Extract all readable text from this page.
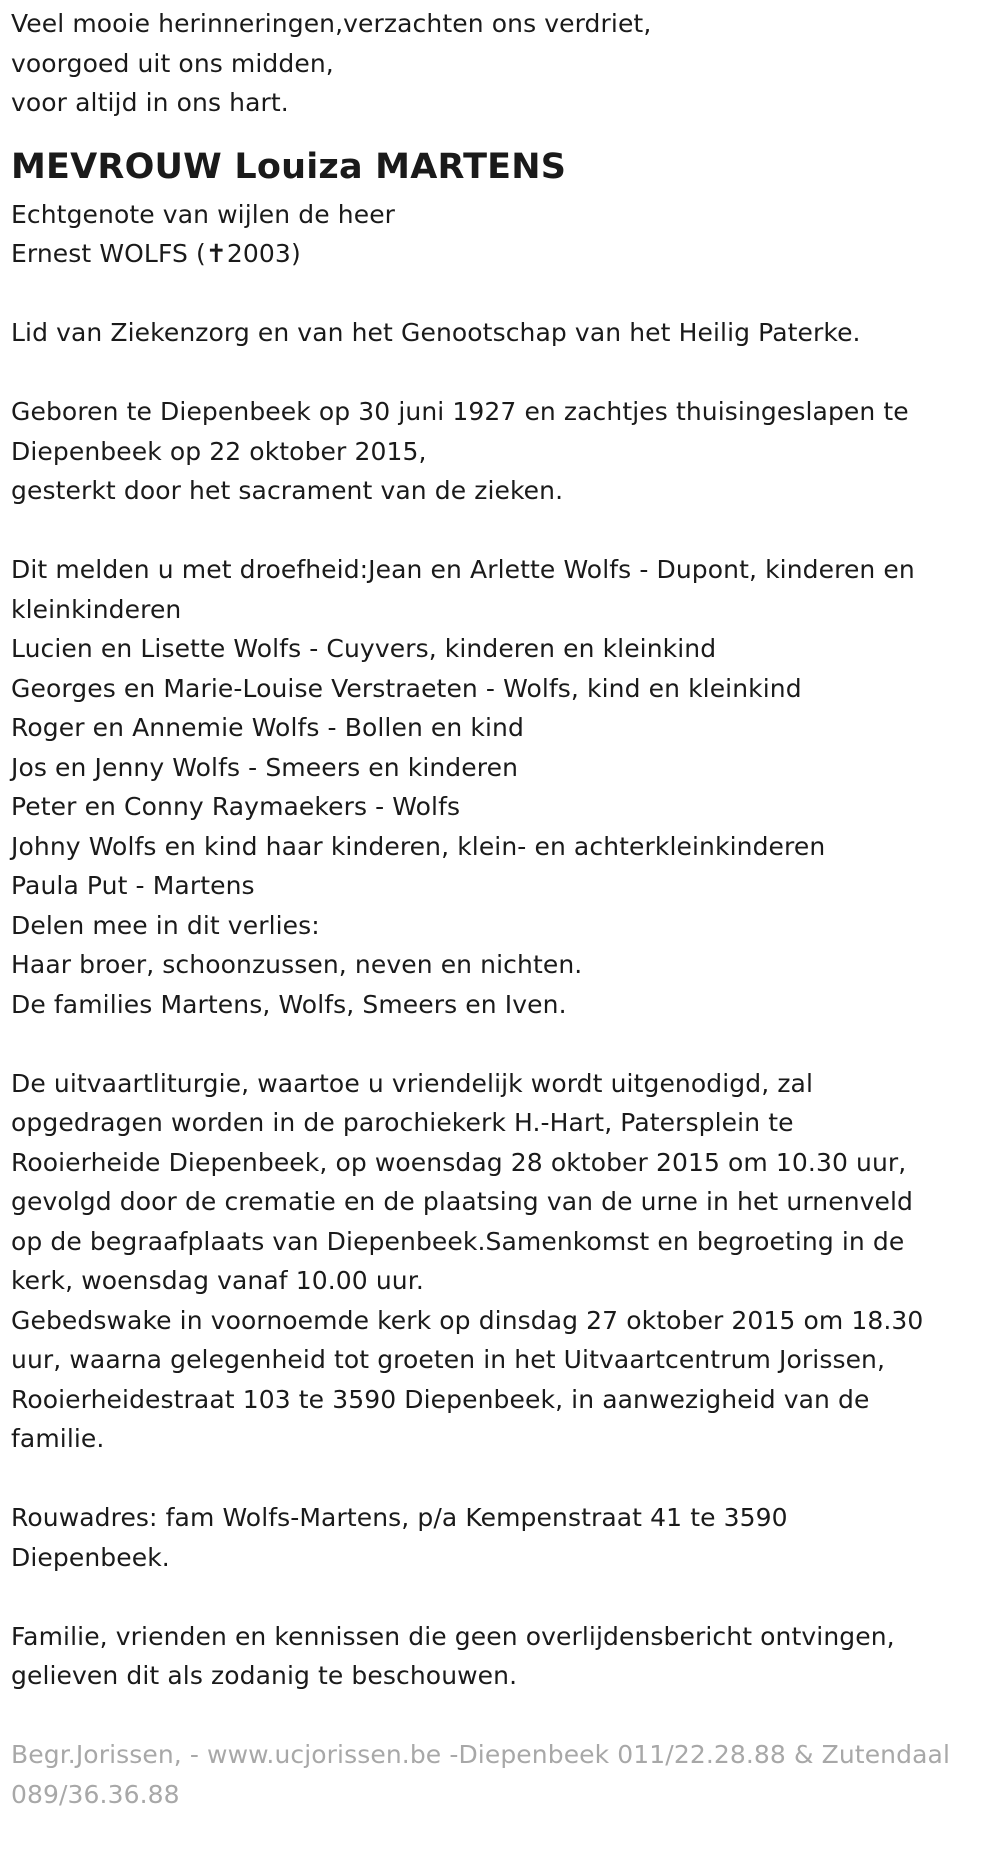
Veel mooie herinneringen,verzachten ons verdriet,
voorgoed uit ons midden,
voor altijd in ons hart.
MEVROUW Louiza MARTENS
Echtgenote van wijlen de heer
Ernest WOLFS (✝2003)
Lid van Ziekenzorg en van het Genootschap van het Heilig Paterke.
Geboren te Diepenbeek op 30 juni 1927 en zachtjes thuisingeslapen te
Diepenbeek op 22 oktober 2015,
gesterkt door het sacrament van de zieken.
Dit melden u met droefheid:Jean en Arlette Wolfs - Dupont, kinderen en
kleinkinderen
Lucien en Lisette Wolfs - Cuyvers, kinderen en kleinkind
Georges en Marie-Louise Verstraeten - Wolfs, kind en kleinkind
Roger en Annemie Wolfs - Bollen en kind
Jos en Jenny Wolfs - Smeers en kinderen
Peter en Conny Raymaekers - Wolfs
Johny Wolfs en kind haar kinderen, klein- en achterkleinkinderen
Paula Put - Martens
Delen mee in dit verlies:
Haar broer, schoonzussen, neven en nichten.
De families Martens, Wolfs, Smeers en Iven.
De uitvaartliturgie, waartoe u vriendelijk wordt uitgenodigd, zal
opgedragen worden in de parochiekerk H.-Hart, Patersplein te
Rooierheide Diepenbeek, op woensdag 28 oktober 2015 om 10.30 uur,
gevolgd door de crematie en de plaatsing van de urne in het urnenveld
op de begraafplaats van Diepenbeek.Samenkomst en begroeting in de
kerk, woensdag vanaf 10.00 uur.
Gebedswake in voornoemde kerk op dinsdag 27 oktober 2015 om 18.30
uur, waarna gelegenheid tot groeten in het Uitvaartcentrum Jorissen,
Rooierheidestraat 103 te 3590 Diepenbeek, in aanwezigheid van de
familie.
Rouwadres: fam Wolfs-Martens, p/a Kempenstraat 41 te 3590
Diepenbeek.
Familie, vrienden en kennissen die geen overlijdensbericht ontvingen,
gelieven dit als zodanig te beschouwen.
Begr.Jorissen, - www.ucjorissen.be -Diepenbeek 011/22.28.88 & Zutendaal
089/36.36.88
